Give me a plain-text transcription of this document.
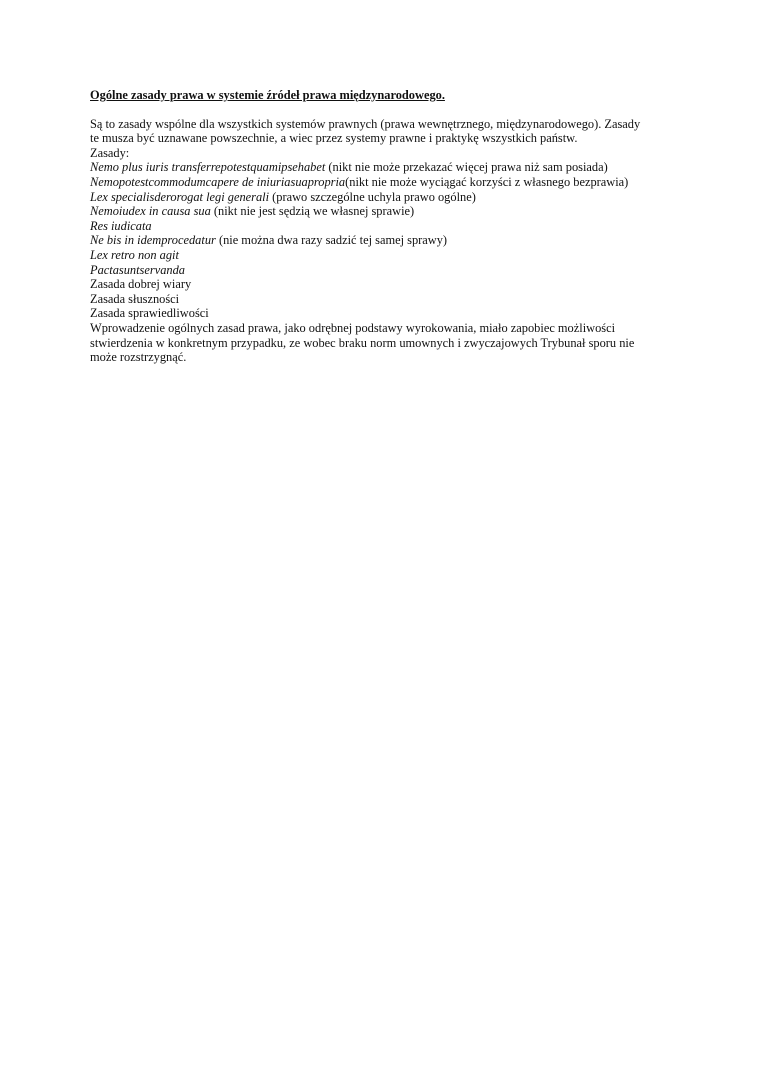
Ogólne zasady prawa w systemie źródeł prawa międzynarodowego.

Są to zasady wspólne dla wszystkich systemów prawnych (prawa wewnętrznego, międzynarodowego). Zasady
te musza być uznawane powszechnie, a wiec przez systemy prawne i praktykę wszystkich państw.
Zasady:
Nemo plus iuris transferrepotestquamipsehabet (nikt nie może przekazać więcej prawa niż sam posiada)
Nemopotestcommodumcapere de iniuriasuapropria(nikt nie może wyciągać korzyści z własnego bezprawia)
Lex specialisderorogat legi generali (prawo szczególne uchyla prawo ogólne)
Nemoiudex in causa sua (nikt nie jest sędzią we własnej sprawie)
Res iudicata
Ne bis in idemprocedatur (nie można dwa razy sadzić tej samej sprawy)
Lex retro non agit
Pactasuntservanda
Zasada dobrej wiary
Zasada słuszności
Zasada sprawiedliwości
Wprowadzenie ogólnych zasad prawa, jako odrębnej podstawy wyrokowania, miało zapobiec możliwości
stwierdzenia w konkretnym przypadku, ze wobec braku norm umownych i zwyczajowych Trybunał sporu nie
może rozstrzygnąć.
